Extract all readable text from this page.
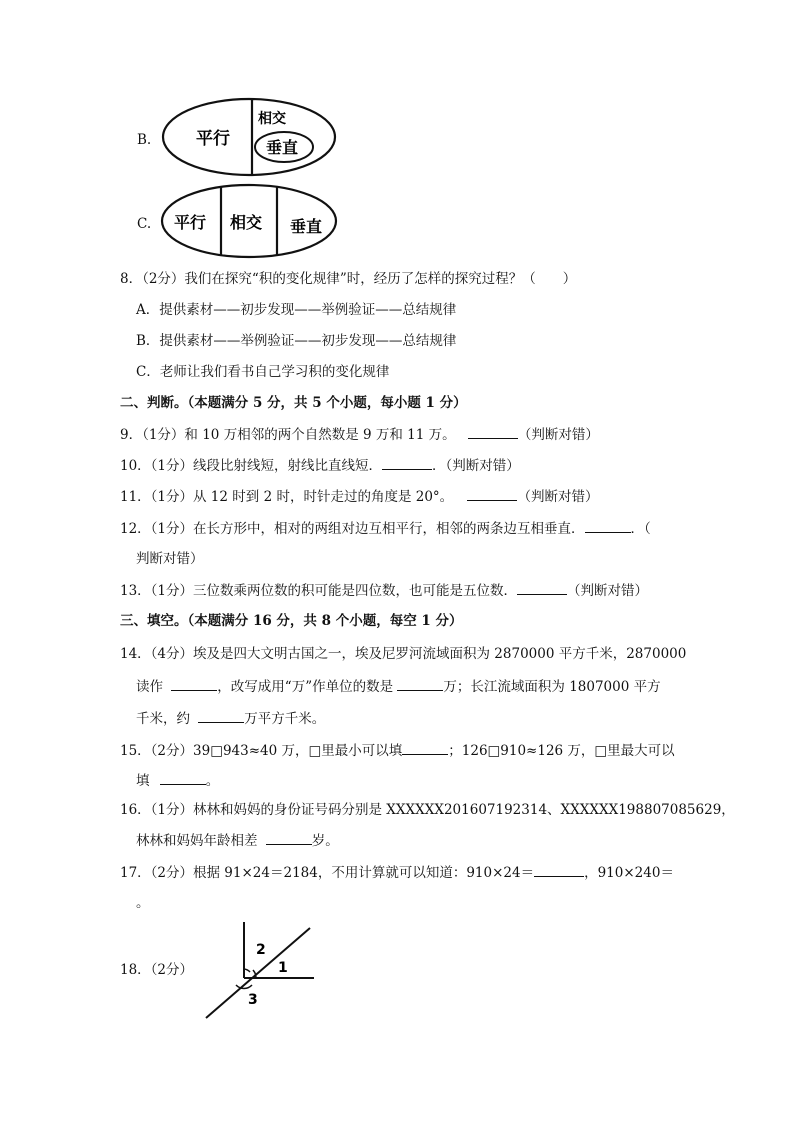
B.	平行
相交
垂直
C. 平行 相交 垂直
8．（2分）我们在探究“积的变化规律”时，经历了怎样的探究过程？（　　）
A．提供素材——初步发现——举例验证——总结规律
B．提供素材——举例验证——初步发现——总结规律
C．老师让我们看书自己学习积的变化规律
二、判断。（本题满分 5 分，共 5 个小题，每小题 1 分）
9．（1分）和 10 万相邻的两个自然数是 9 万和 11 万。	（判断对错）
10．（1分）线段比射线短，射线比直线短．	．（判断对错）
11．（1分）从 12 时到 2 时，时针走过的角度是 20°。	（判断对错）
12．（1分）在长方形中，相对的两组对边互相平行，相邻的两条边互相垂直．	．（
判断对错）
13．（1分）三位数乘两位数的积可能是四位数，也可能是五位数．	（判断对错）
三、填空。（本题满分 16 分，共 8 个小题，每空 1 分）
14．（4分）埃及是四大文明古国之一，埃及尼罗河流域面积为 2870000 平方千米，2870000
读作	，改写成用“万”作单位的数是	万；长江流域面积为 1807000 平方
千米，约	万平方千米。
15．（2分）39□943≈40 万，□里最小可以填	；126□910≈126 万，□里最大可以
填	。
16．（1分）林林和妈妈的身份证号码分别是 XXXXXX201607192314、XXXXXX198807085629，
林林和妈妈年龄相差	岁。
17．（2分）根据 91×24＝2184，不用计算就可以知道：910×24＝	，910×240＝
。
18．（2分）	1
2
3
